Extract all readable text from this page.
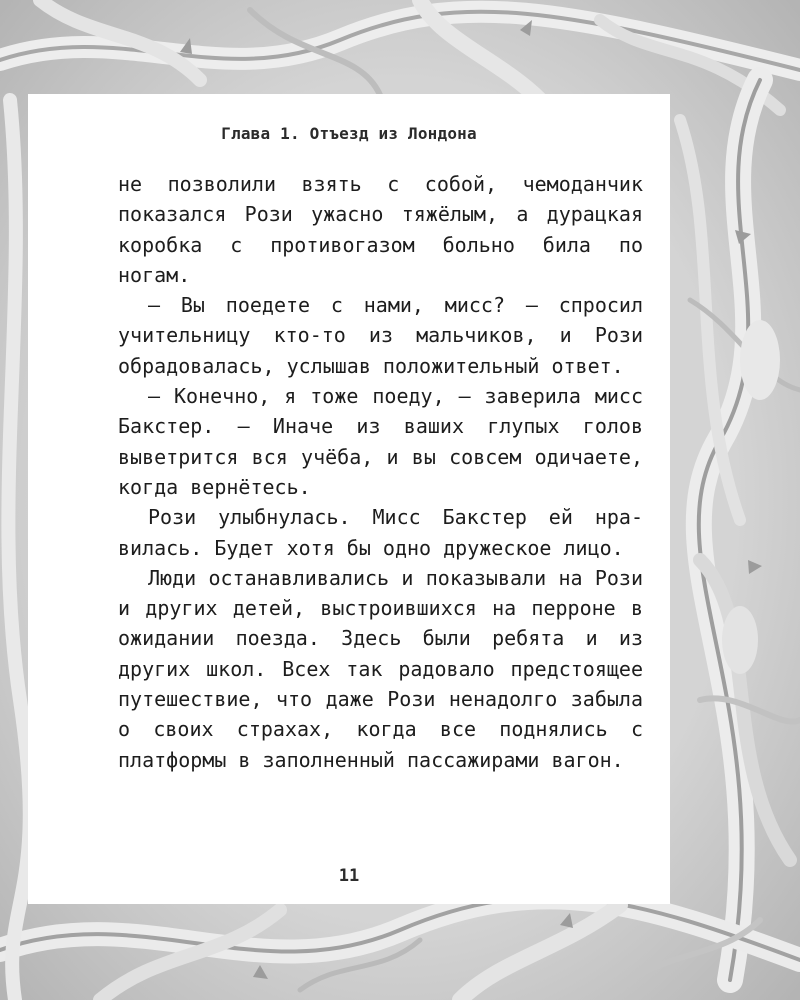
Глава 1. Отъезд из Лондона

не позволили взять с собой, чемоданчик показался Рози ужасно тяжёлым, а дурацкая коробка с противогазом больно била по ногам.

— Вы поедете с нами, мисс? — спросил учительницу кто-то из мальчиков, и Рози обрадовалась, услышав положительный ответ.

— Конечно, я тоже поеду, — заверила мисс Бакстер. — Иначе из ваших глупых голов выветрится вся учёба, и вы совсем одичаете, когда вернётесь.

Рози улыбнулась. Мисс Бакстер ей нравилась. Будет хотя бы одно дружеское лицо.

Люди останавливались и показывали на Рози и других детей, выстроившихся на перроне в ожидании поезда. Здесь были ребята и из других школ. Всех так радовало предстоящее путешествие, что даже Рози ненадолго забыла о своих страхах, когда все поднялись с платформы в заполненный пассажирами вагон.

11
